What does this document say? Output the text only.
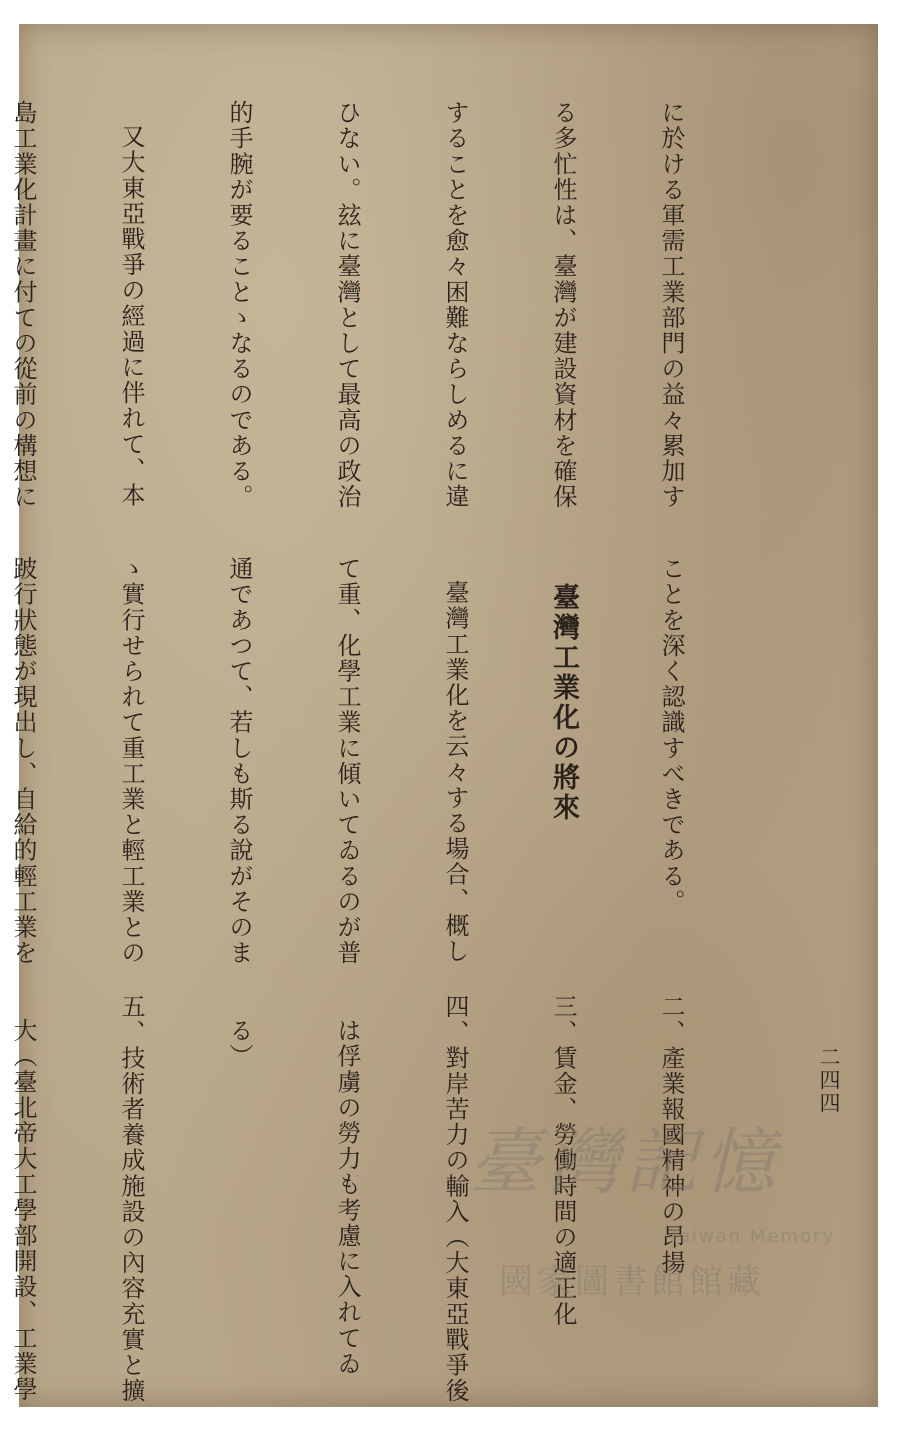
二四四

に於ける軍需工業部門の益々累加す

る多忙性は、臺灣が建設資材を確保

することを愈々困難ならしめるに違

ひない。玆に臺灣として最高の政治

的手腕が要ることゝなるのである。

又大東亞戰爭の經過に伴れて、本

島工業化計畫に付ての從前の構想に

ことを深く認識すべきである。

臺灣工業化の將來

臺灣工業化を云々する場合、概し

て重、化學工業に傾いてゐるのが普

通であつて、若しも斯る說がそのま

ゝ實行せられて重工業と輕工業との

跛行狀態が現出し、自給的輕工業を

二、產業報國精神の昂揚

三、賃金、勞働時間の適正化

四、對岸苦力の輸入（大東亞戰爭後

は俘虜の勞力も考慮に入れてゐ

る）

五、技術者養成施設の內容充實と擴

大（臺北帝大工學部開設、工業學

	臺灣記憶
Taiwan Memory
國家圖書館館藏
